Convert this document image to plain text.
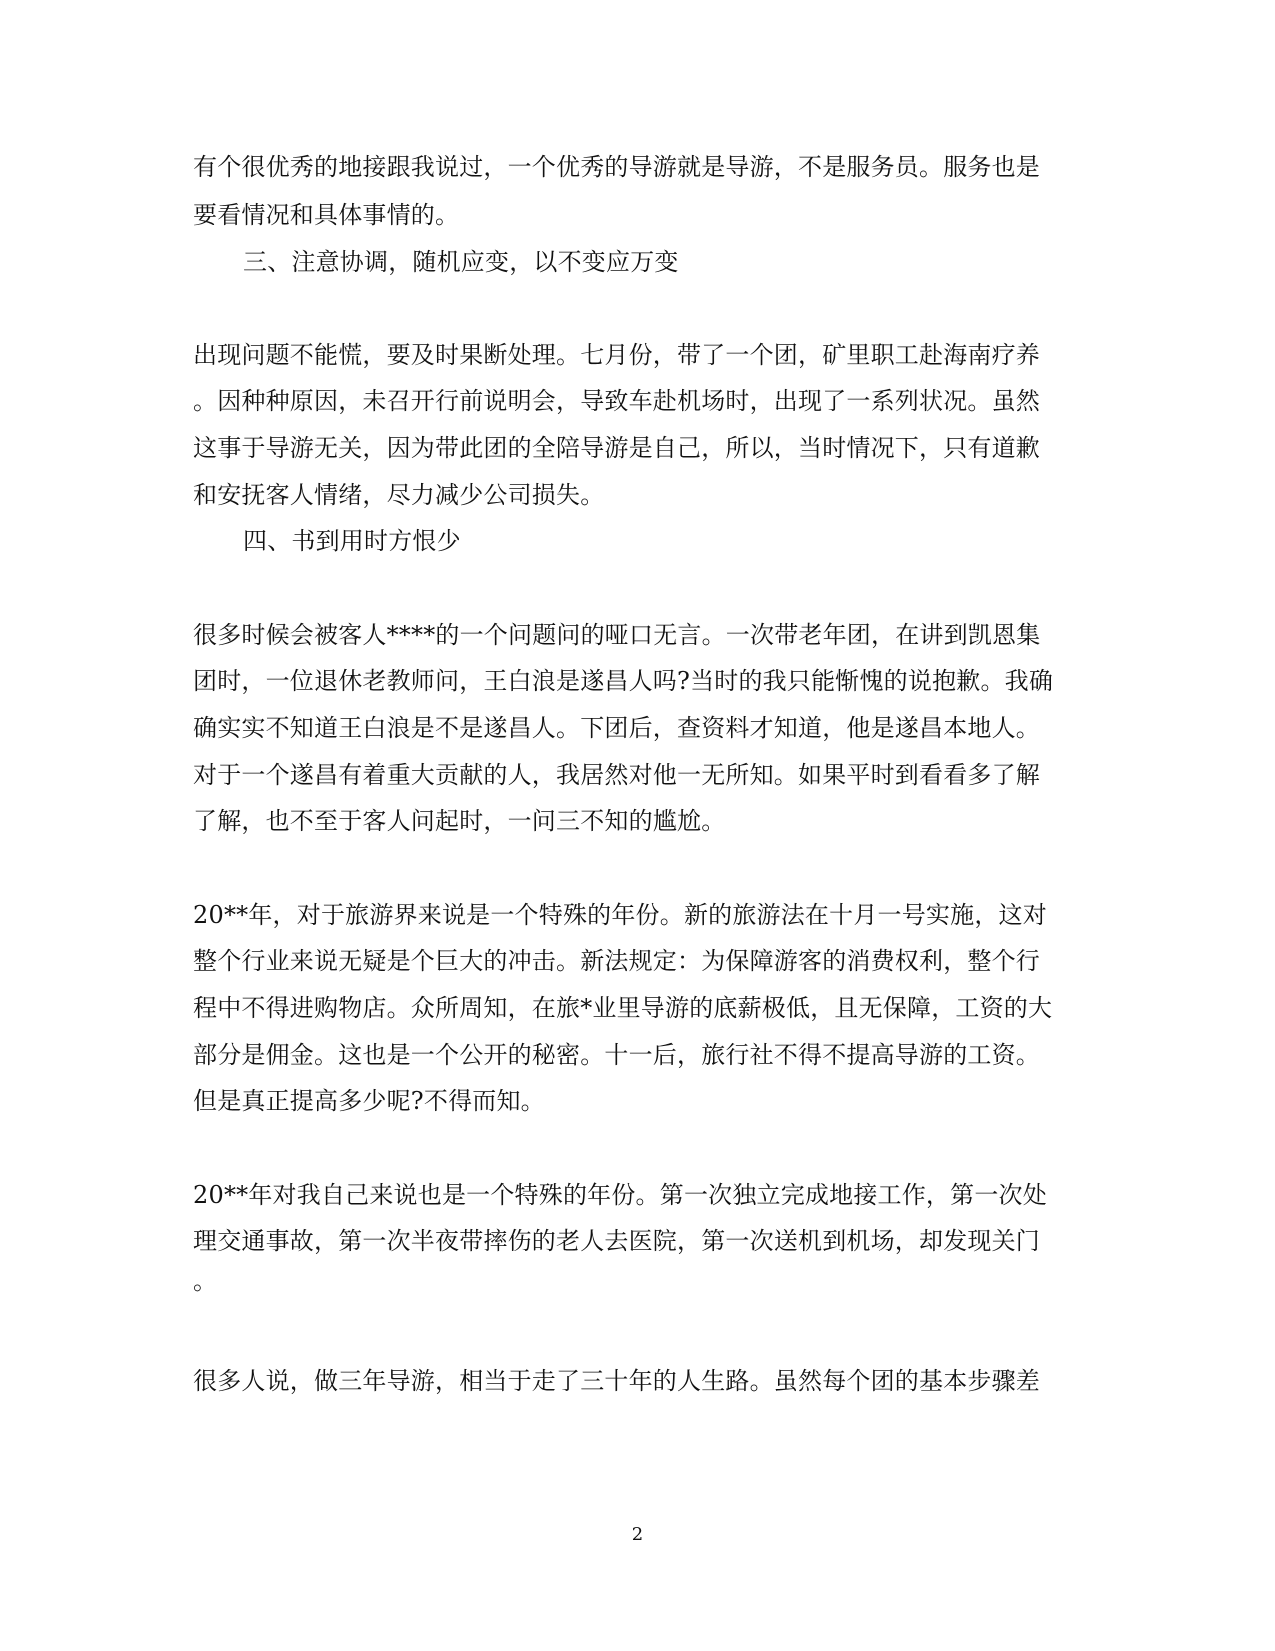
有个很优秀的地接跟我说过，一个优秀的导游就是导游，不是服务员。服务也是
要看情况和具体事情的。
三、注意协调，随机应变，以不变应万变
出现问题不能慌，要及时果断处理。七月份，带了一个团，矿里职工赴海南疗养
。因种种原因，未召开行前说明会，导致车赴机场时，出现了一系列状况。虽然
这事于导游无关，因为带此团的全陪导游是自己，所以，当时情况下，只有道歉
和安抚客人情绪，尽力减少公司损失。
四、书到用时方恨少
很多时候会被客人****的一个问题问的哑口无言。一次带老年团，在讲到凯恩集
团时，一位退休老教师问，王白浪是遂昌人吗?当时的我只能惭愧的说抱歉。我确
确实实不知道王白浪是不是遂昌人。下团后，查资料才知道，他是遂昌本地人。
对于一个遂昌有着重大贡献的人，我居然对他一无所知。如果平时到看看多了解
了解，也不至于客人问起时，一问三不知的尴尬。
20**年，对于旅游界来说是一个特殊的年份。新的旅游法在十月一号实施，这对
整个行业来说无疑是个巨大的冲击。新法规定：为保障游客的消费权利，整个行
程中不得进购物店。众所周知，在旅*业里导游的底薪极低，且无保障，工资的大
部分是佣金。这也是一个公开的秘密。十一后，旅行社不得不提高导游的工资。
但是真正提高多少呢?不得而知。
20**年对我自己来说也是一个特殊的年份。第一次独立完成地接工作，第一次处
理交通事故，第一次半夜带摔伤的老人去医院，第一次送机到机场，却发现关门
。
很多人说，做三年导游，相当于走了三十年的人生路。虽然每个团的基本步骤差
2
